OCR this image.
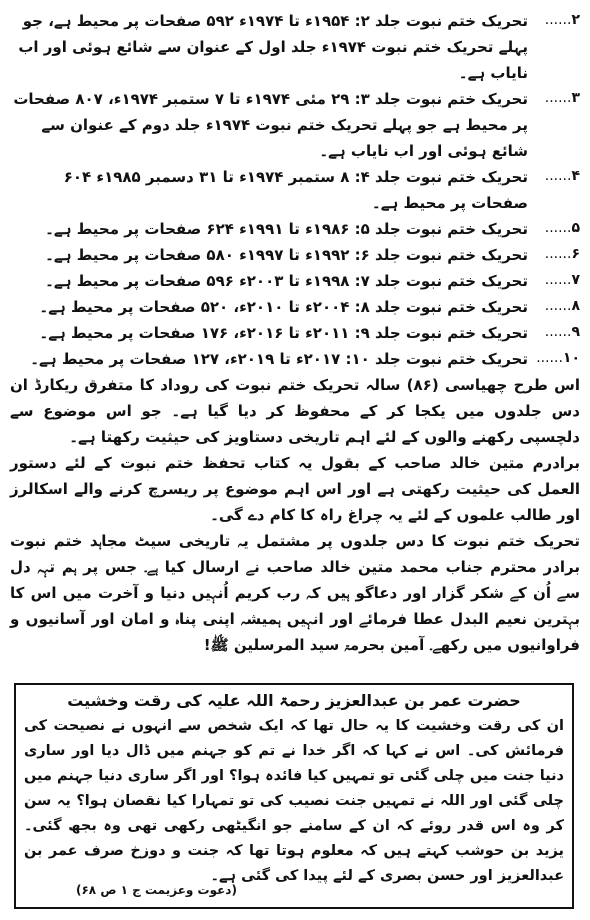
۲......
تحریک ختم نبوت جلد ۲: ۱۹۵۴ء تا ۱۹۷۴ء ۵۹۲ صفحات پر محیط ہے، جو پہلے تحریک ختم نبوت ۱۹۷۴ء جلد اول کے عنوان سے شائع ہوئی اور اب نایاب ہے۔
۳......
تحریک ختم نبوت جلد ۳: ۲۹ مئی ۱۹۷۴ء تا ۷ ستمبر ۱۹۷۴ء، ۸۰۷ صفحات پر محیط ہے جو پہلے تحریک ختم نبوت ۱۹۷۴ء جلد دوم کے عنوان سے شائع ہوئی اور اب نایاب ہے۔
۴......
تحریک ختم نبوت جلد ۴: ۸ ستمبر ۱۹۷۴ء تا ۳۱ دسمبر ۱۹۸۵ء ۶۰۴ صفحات پر محیط ہے۔
۵......
تحریک ختم نبوت جلد ۵: ۱۹۸۶ء تا ۱۹۹۱ء ۶۲۴ صفحات پر محیط ہے۔
۶......
تحریک ختم نبوت جلد ۶: ۱۹۹۲ء تا ۱۹۹۷ء ۵۸۰ صفحات پر محیط ہے۔
۷......
تحریک ختم نبوت جلد ۷: ۱۹۹۸ء تا ۲۰۰۳ء ۵۹۶ صفحات پر محیط ہے۔
۸......
تحریک ختم نبوت جلد ۸: ۲۰۰۴ء تا ۲۰۱۰ء، ۵۲۰ صفحات پر محیط ہے۔
۹......
تحریک ختم نبوت جلد ۹: ۲۰۱۱ء تا ۲۰۱۶ء، ۱۷۶ صفحات پر محیط ہے۔
۱۰......
تحریک ختم نبوت جلد ۱۰: ۲۰۱۷ء تا ۲۰۱۹ء، ۱۲۷ صفحات پر محیط ہے۔

اس طرح چھیاسی (۸۶) سالہ تحریک ختم نبوت کی روداد کا متفرق ریکارڈ ان دس جلدوں میں یکجا کر کے محفوظ کر دیا گیا ہے۔ جو اس موضوع سے دلچسپی رکھنے والوں کے لئے اہم تاریخی دستاویز کی حیثیت رکھتا ہے۔

برادرم متین خالد صاحب کے بقول یہ کتاب تحفظ ختم نبوت کے لئے دستور العمل کی حیثیت رکھتی ہے اور اس اہم موضوع پر ریسرچ کرنے والے اسکالرز اور طالب علموں کے لئے یہ چراغ راہ کا کام دے گی۔

تحریک ختم نبوت کا دس جلدوں پر مشتمل یہ تاریخی سیٹ مجاہد ختم نبوت برادر محترم جناب محمد متین خالد صاحب نے ارسال کیا ہے۔ جس پر ہم تہہ دل سے اُن کے شکر گزار اور دعاگو ہیں کہ رب کریم اُنہیں دنیا و آخرت میں اس کا بہترین نعیم البدل عطا فرمائے اور انہیں ہمیشہ اپنی پناہ و امان اور آسانیوں و فراوانیوں میں رکھے۔ آمین بحرمۃ سید المرسلین ﷺ!

حضرت عمر بن عبدالعزیز رحمۃ اللہ علیہ کی رقت وخشیت
ان کی رقت وخشیت کا یہ حال تھا کہ ایک شخص سے انہوں نے نصیحت کی فرمائش کی۔ اس نے کہا کہ اگر خدا نے تم کو جہنم میں ڈال دیا اور ساری دنیا جنت میں چلی گئی تو تمہیں کیا فائدہ ہوا؟ اور اگر ساری دنیا جہنم میں چلی گئی اور اللہ نے تمہیں جنت نصیب کی تو تمہارا کیا نقصان ہوا؟ یہ سن کر وہ اس قدر روئے کہ ان کے سامنے جو انگیٹھی رکھی تھی وہ بجھ گئی۔ یزید بن حوشب کہتے ہیں کہ معلوم ہوتا تھا کہ جنت و دوزخ صرف عمر بن عبدالعزیز اور حسن بصری کے لئے پیدا کی گئی ہے۔
(دعوت وعزیمت ج ۱ ص ۶۸)
